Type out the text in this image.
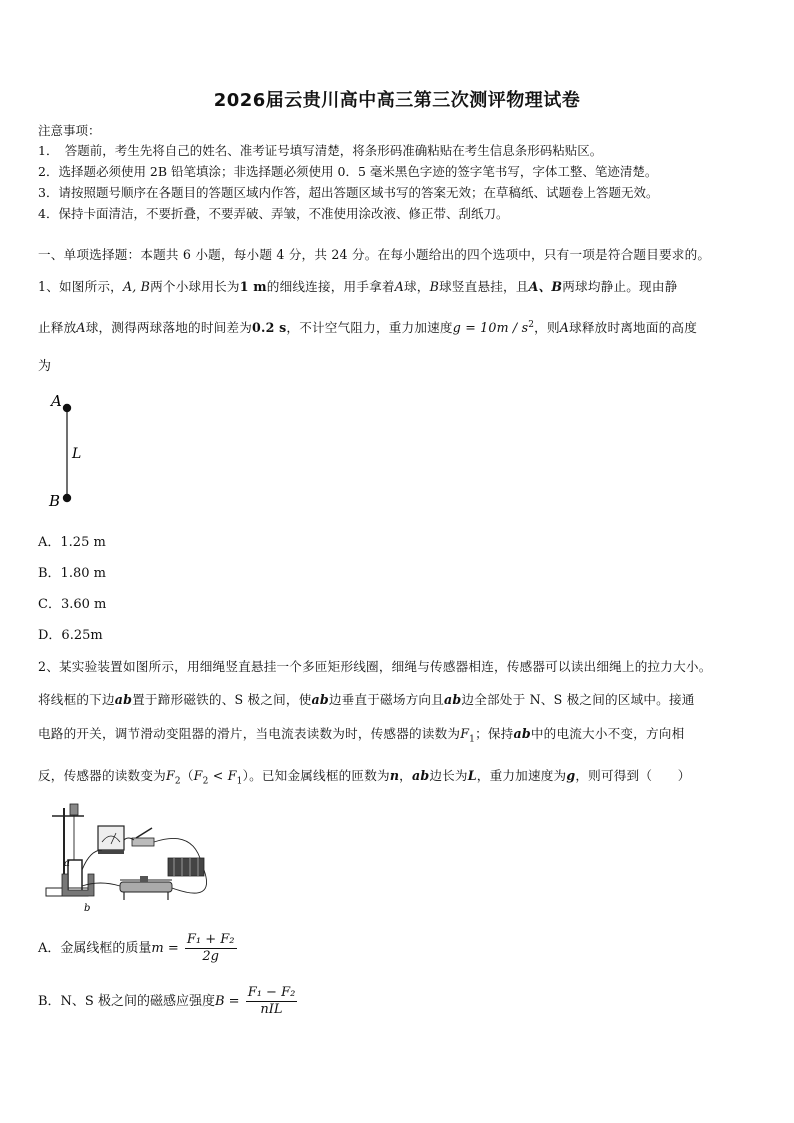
2026届云贵川高中高三第三次测评物理试卷
注意事项：
1．　答题前，考生先将自己的姓名、准考证号填写清楚，将条形码准确粘贴在考生信息条形码粘贴区。
2．选择题必须使用 2B 铅笔填涂；非选择题必须使用 0．5 毫米黑色字迹的签字笔书写，字体工整、笔迹清楚。
3．请按照题号顺序在各题目的答题区域内作答，超出答题区域书写的答案无效；在草稿纸、试题卷上答题无效。
4．保持卡面清洁，不要折叠，不要弄破、弄皱，不准使用涂改液、修正带、刮纸刀。
一、单项选择题：本题共 6 小题，每小题 4 分，共 24 分。在每小题给出的四个选项中，只有一项是符合题目要求的。
1、如图所示，A, B两个小球用长为1 m的细线连接，用手拿着A球，B球竖直悬挂，且A、B两球均静止。现由静
止释放A球，测得两球落地的时间差为0.2 s，不计空气阻力，重力加速度$g = 10m / s^2$，则A球释放时离地面的高度
为
A
B
L
A．1.25 m
B．1.80 m
C．3.60 m
D．6.25m
2、某实验装置如图所示，用细绳竖直悬挂一个多匝矩形线圈，细绳与传感器相连，传感器可以读出细绳上的拉力大小。
将线框的下边ab置于蹄形磁铁的、S 极之间，使ab边垂直于磁场方向且ab边全部处于 N、S 极之间的区域中。接通
电路的开关，调节滑动变阻器的滑片，当电流表读数为时，传感器的读数为$F_1$；保持ab中的电流大小不变，方向相
反，传感器的读数变为$F_2(F_2 < F_1)$。已知金属线框的匝数为n，ab边长为L，重力加速度为g，则可得到（　　）
a
b
A．金属线框的质量$m = \frac{\text{F₁ + F₂}}{2g}$
B．N、S 极之间的磁感应强度$B = \frac{\text{F₁ − F₂}}{\text{nIL}}$
